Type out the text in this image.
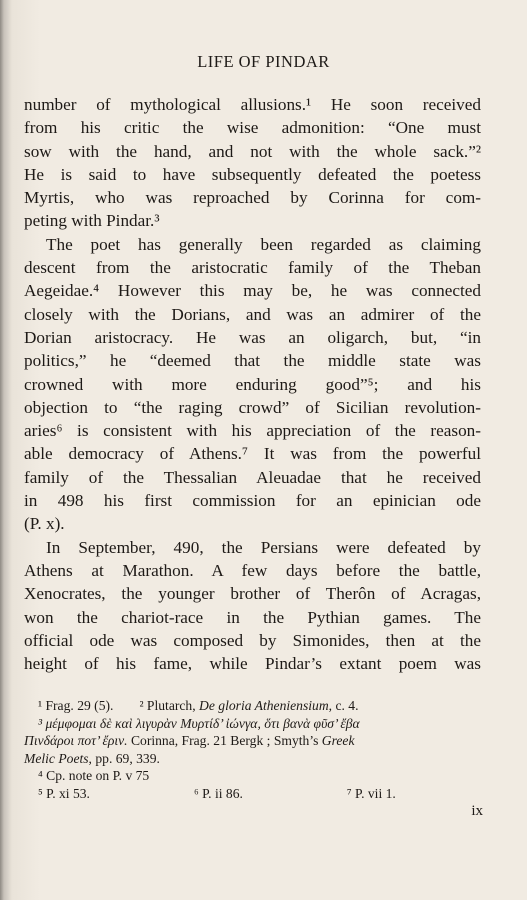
LIFE OF PINDAR
number of mythological allusions.¹ He soon received
from his critic the wise admonition: “One must
sow with the hand, and not with the whole sack.”²
He is said to have subsequently defeated the poetess
Myrtis, who was reproached by Corinna for com-
peting with Pindar.³
The poet has generally been regarded as claiming
descent from the aristocratic family of the Theban
Aegeidae.⁴ However this may be, he was connected
closely with the Dorians, and was an admirer of the
Dorian aristocracy. He was an oligarch, but, “in
politics,” he “deemed that the middle state was
crowned with more enduring good”⁵; and his
objection to “the raging crowd” of Sicilian revolution-
aries⁶ is consistent with his appreciation of the reason-
able democracy of Athens.⁷ It was from the powerful
family of the Thessalian Aleuadae that he received
in 498 his first commission for an epinician ode
(P. x).
In September, 490, the Persians were defeated by
Athens at Marathon. A few days before the battle,
Xenocrates, the younger brother of Therôn of Acragas,
won the chariot-race in the Pythian games. The
official ode was composed by Simonides, then at the
height of his fame, while Pindar’s extant poem was
¹ Frag. 29 (5). ² Plutarch, De gloria Atheniensium, c. 4.
³ μέμφομαι δὲ καὶ λιγυρὰν Μυρτίδ’ ἰώνγα, ὅτι βανὰ φῦσ’ ἔβα
Πινδάροι ποτ’ ἔριν. Corinna, Frag. 21 Bergk ; Smyth’s Greek
Melic Poets, pp. 69, 339.
⁴ Cp. note on P. v 75
⁵ P. xi 53.	⁶ P. ii 86.	⁷ P. vii 1.
ix
